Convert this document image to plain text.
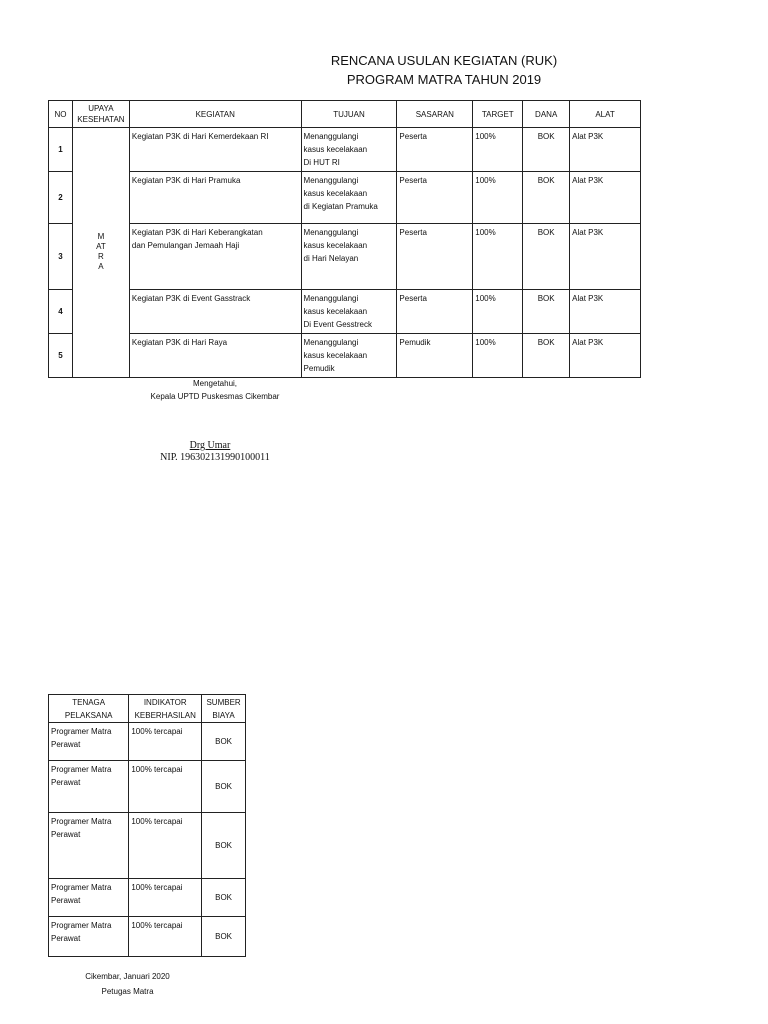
RENCANA USULAN KEGIATAN (RUK)
PROGRAM MATRA TAHUN 2019
NO	UPAYA
KESEHATAN	KEGIATAN	TUJUAN	SASARAN	TARGET	DANA	ALAT
1	MATRA	Kegiatan P3K di Hari Kemerdekaan RI	Menanggulangi
kasus kecelakaan
Di HUT RI	Peserta	100%	BOK	Alat P3K
2		Kegiatan P3K di Hari Pramuka	Menanggulangi
kasus kecelakaan
di Kegiatan Pramuka	Peserta	100%	BOK	Alat P3K
3		Kegiatan P3K di Hari Keberangkatan
dan Pemulangan Jemaah Haji	Menanggulangi
kasus kecelakaan
di Hari Nelayan	Peserta	100%	BOK	Alat P3K
4		Kegiatan P3K di Event Gasstrack	Menanggulangi
kasus kecelakaan
Di Event Gesstreck	Peserta	100%	BOK	Alat P3K
5		Kegiatan P3K di Hari Raya	Menanggulangi
kasus kecelakaan
Pemudik	Pemudik	100%	BOK	Alat P3K
Mengetahui,
Kepala UPTD Puskesmas Cikembar
Drg Umar
NIP. 196302131990100011
TENAGA
PELAKSANA	INDIKATOR
KEBERHASILAN	SUMBER
BIAYA
Programer Matra
Perawat	100% tercapai	BOK
Programer Matra
Perawat	100% tercapai	BOK
Programer Matra
Perawat	100% tercapai	BOK
Programer Matra
Perawat	100% tercapai	BOK
Programer Matra
Perawat	100% tercapai	BOK
Cikembar, Januari 2020
Petugas Matra
